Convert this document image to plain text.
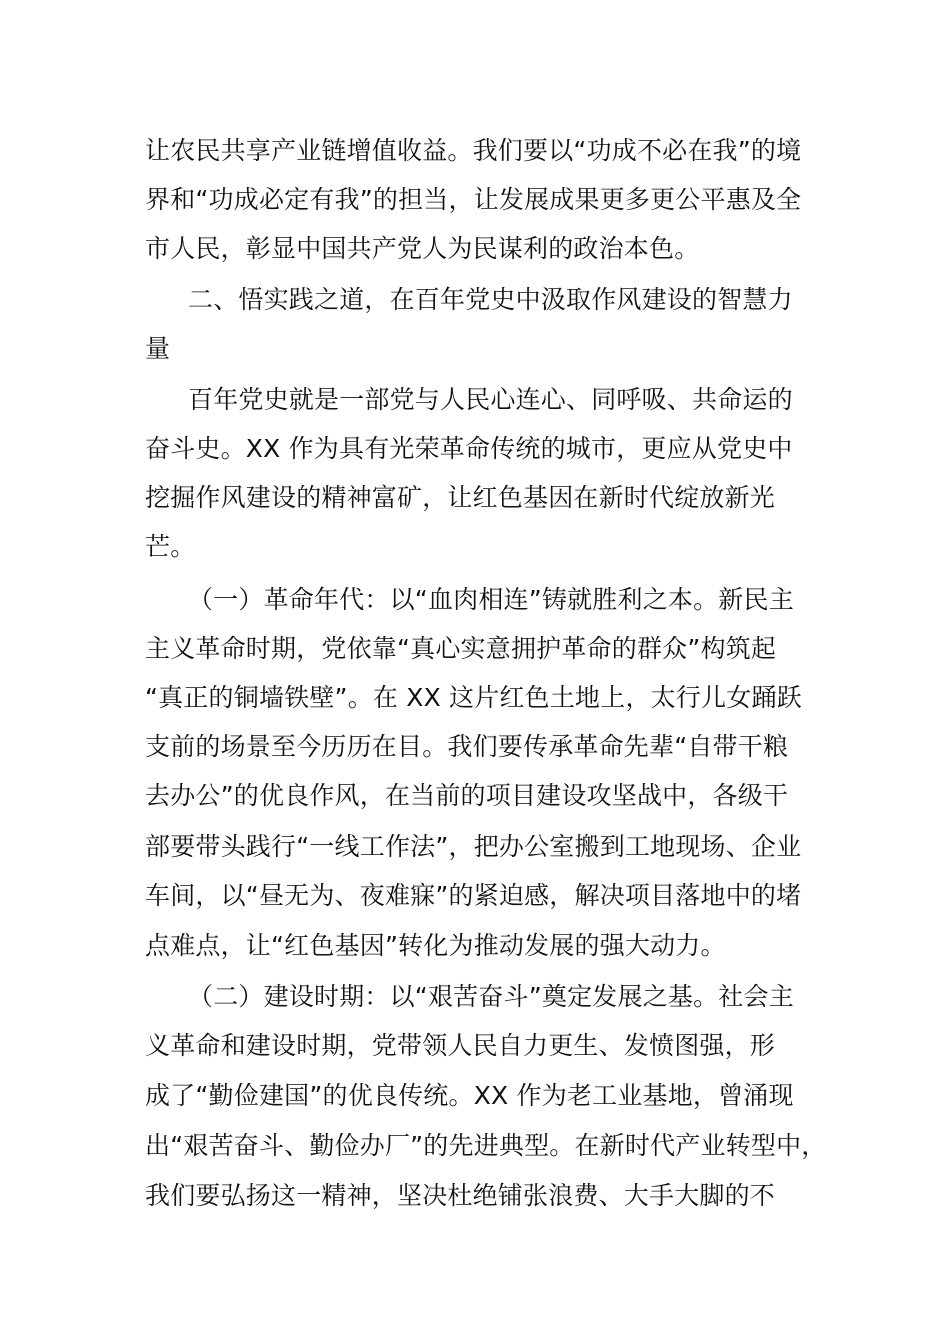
让农民共享产业链增值收益。我们要以“功成不必在我”的境
界和“功成必定有我”的担当，让发展成果更多更公平惠及全
市人民，彰显中国共产党人为民谋利的政治本色。
二、悟实践之道，在百年党史中汲取作风建设的智慧力
量
百年党史就是一部党与人民心连心、同呼吸、共命运的
奋斗史。XX 作为具有光荣革命传统的城市，更应从党史中
挖掘作风建设的精神富矿，让红色基因在新时代绽放新光
芒。
（一）革命年代：以“血肉相连”铸就胜利之本。新民主
主义革命时期，党依靠“真心实意拥护革命的群众”构筑起
“真正的铜墙铁壁”。在 XX 这片红色土地上，太行儿女踊跃
支前的场景至今历历在目。我们要传承革命先辈“自带干粮
去办公”的优良作风，在当前的项目建设攻坚战中，各级干
部要带头践行“一线工作法”，把办公室搬到工地现场、企业
车间，以“昼无为、夜难寐”的紧迫感，解决项目落地中的堵
点难点，让“红色基因”转化为推动发展的强大动力。
（二）建设时期：以“艰苦奋斗”奠定发展之基。社会主
义革命和建设时期，党带领人民自力更生、发愤图强，形
成了“勤俭建国”的优良传统。XX 作为老工业基地，曾涌现
出“艰苦奋斗、勤俭办厂”的先进典型。在新时代产业转型中，
我们要弘扬这一精神，坚决杜绝铺张浪费、大手大脚的不
